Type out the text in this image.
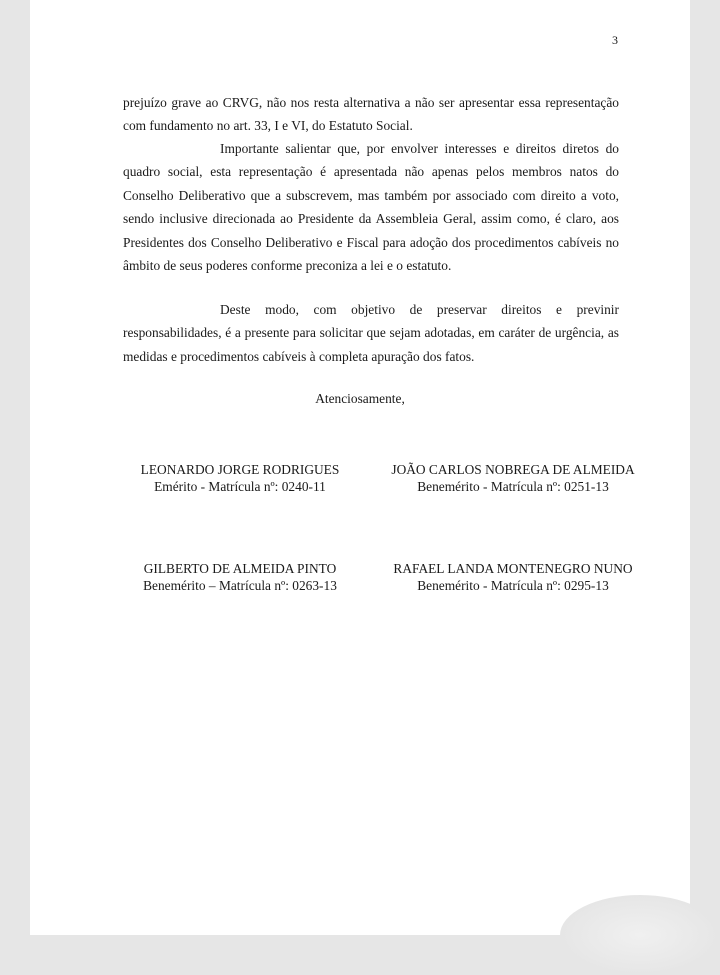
3

prejuízo grave ao CRVG, não nos resta alternativa a não ser apresentar essa representação com fundamento no art. 33, I e VI, do Estatuto Social.

Importante salientar que, por envolver interesses e direitos diretos do quadro social, esta representação é apresentada não apenas pelos membros natos do Conselho Deliberativo que a subscrevem, mas também por associado com direito a voto, sendo inclusive direcionada ao Presidente da Assembleia Geral, assim como, é claro, aos Presidentes dos Conselho Deliberativo e Fiscal para adoção dos procedimentos cabíveis no âmbito de seus poderes conforme preconiza a lei e o estatuto.

Deste modo, com objetivo de preservar direitos e previnir responsabilidades, é a presente para solicitar que sejam adotadas, em caráter de urgência, as medidas e procedimentos cabíveis à completa apuração dos fatos.

Atenciosamente,
LEONARDO JORGE RODRIGUES
Emérito - Matrícula nº: 0240-11
JOÃO CARLOS NOBREGA DE ALMEIDA
Benemérito - Matrícula nº: 0251-13
GILBERTO DE ALMEIDA PINTO
Benemérito – Matrícula nº: 0263-13
RAFAEL LANDA MONTENEGRO NUNO
Benemérito - Matrícula nº: 0295-13
